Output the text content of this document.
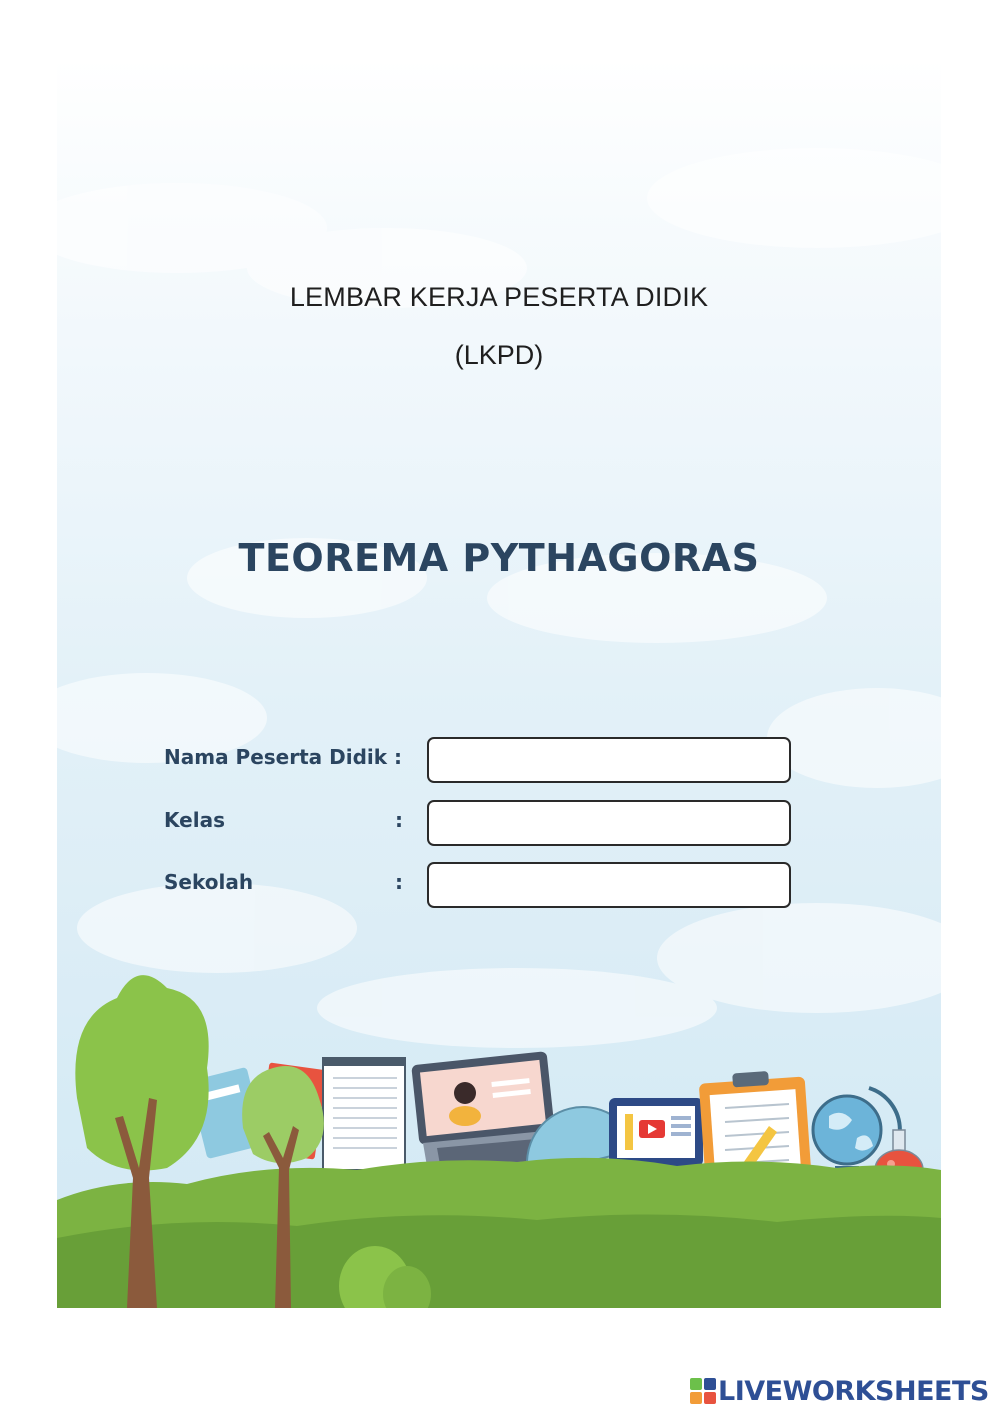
LEMBAR KERJA PESERTA DIDIK
(LKPD)
TEOREMA PYTHAGORAS
Nama Peserta Didik :
Kelas	:
Sekolah	:
LIVEWORKSHEETS
